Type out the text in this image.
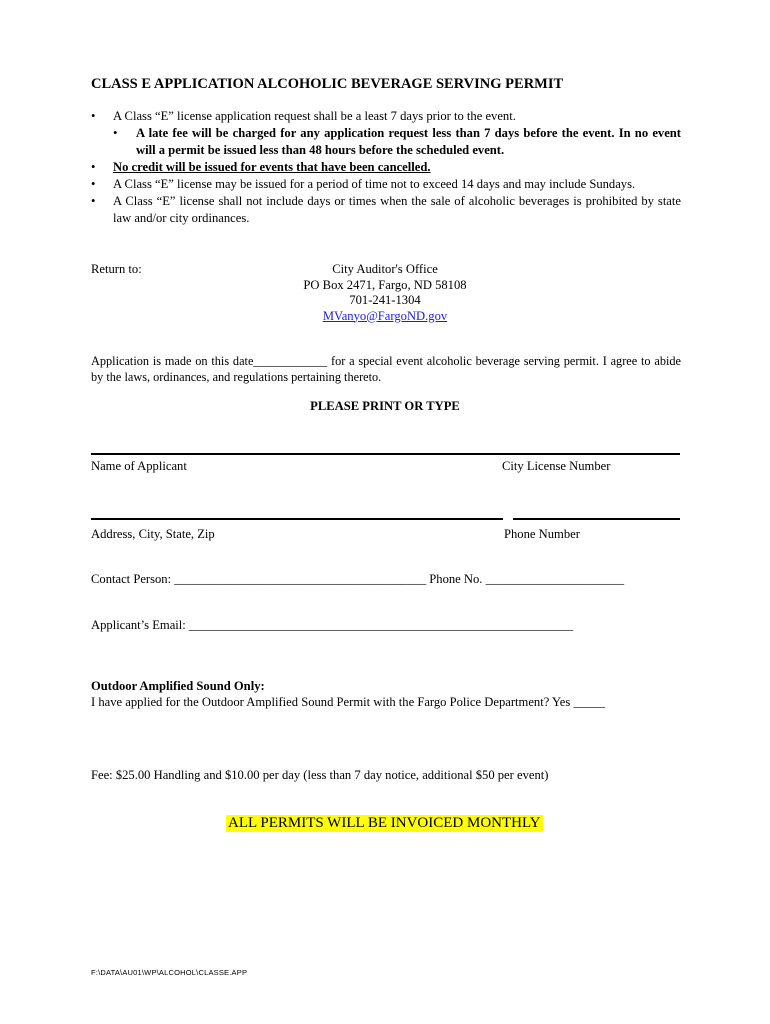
CLASS E APPLICATION ALCOHOLIC BEVERAGE SERVING PERMIT
• A Class “E” license application request shall be a least 7 days prior to the event.
• A late fee will be charged for any application request less than 7 days before the event. In no event will a permit be issued less than 48 hours before the scheduled event.
• No credit will be issued for events that have been cancelled.
• A Class “E” license may be issued for a period of time not to exceed 14 days and may include Sundays.
• A Class “E” license shall not include days or times when the sale of alcoholic beverages is prohibited by state law and/or city ordinances.
Return to:	City Auditor's Office
PO Box 2471, Fargo, ND 58108
701-241-1304
MVanyo@FargoND.gov
Application is made on this date____________ for a special event alcoholic beverage serving permit. I agree to abide by the laws, ordinances, and regulations pertaining thereto.
PLEASE PRINT OR TYPE
Name of Applicant	City License Number
Address, City, State, Zip	Phone Number
Contact Person: ________________________________________ Phone No. ______________________
Applicant’s Email: _____________________________________________________________
Outdoor Amplified Sound Only:
I have applied for the Outdoor Amplified Sound Permit with the Fargo Police Department? Yes _____
Fee: $25.00 Handling and $10.00 per day (less than 7 day notice, additional $50 per event)
ALL PERMITS WILL BE INVOICED MONTHLY
F:\DATA\AU01\WP\ALCOHOL\CLASSE.APP
